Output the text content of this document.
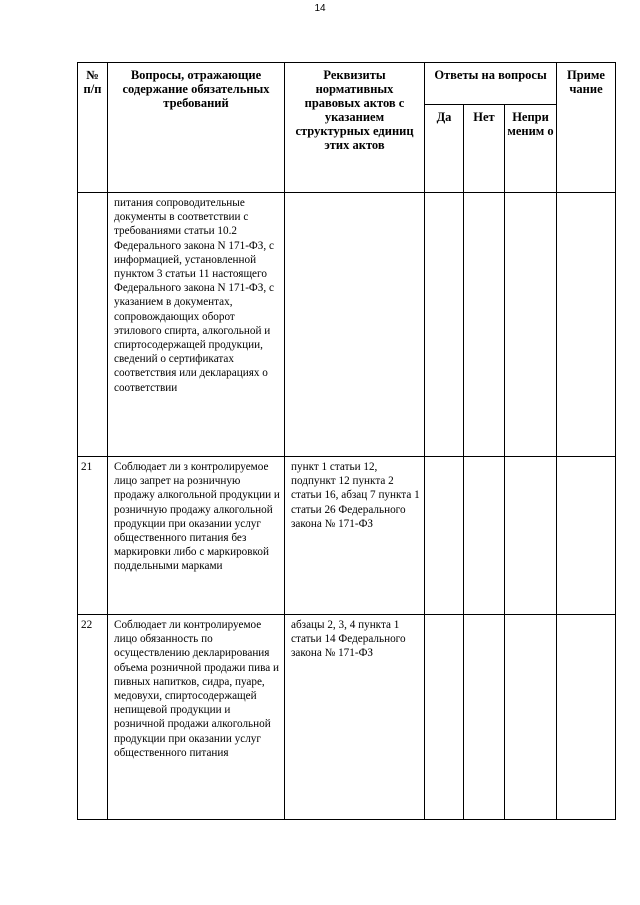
14
№ п/п	Вопросы, отражающие содержание обязательных требований	Реквизиты нормативных правовых актов с указанием структурных единиц этих актов	Ответы на вопросы			Приме чание

			Да	Нет	Непри меним о	

	питания сопроводительные документы в соответствии с требованиями статьи 10.2 Федерального закона N 171-ФЗ, с информацией, установленной пунктом 3 статьи 11 настоящего Федерального закона N 171-ФЗ, с указанием в документах, сопровождающих оборот этилового спирта, алкогольной и спиртосодержащей продукции, сведений о сертификатах соответствия или декларациях о соответствии					

21	Соблюдает ли з контролируемое лицо запрет на розничную продажу алкогольной продукции и розничную продажу алкогольной продукции при оказании услуг общественного питания без маркировки либо с маркировкой поддельными марками	пункт 1 статьи 12, подпункт 12 пункта 2 статьи 16, абзац 7 пункта 1 статьи 26 Федерального закона № 171-ФЗ				

22	Соблюдает ли контролируемое лицо обязанность по осуществлению декларирования объема розничной продажи пива и пивных напитков, сидра, пуаре, медовухи, спиртосодержащей непищевой продукции и розничной продажи алкогольной продукции при оказании услуг общественного питания	абзацы 2, 3, 4 пункта 1 статьи 14 Федерального закона № 171-ФЗ				
